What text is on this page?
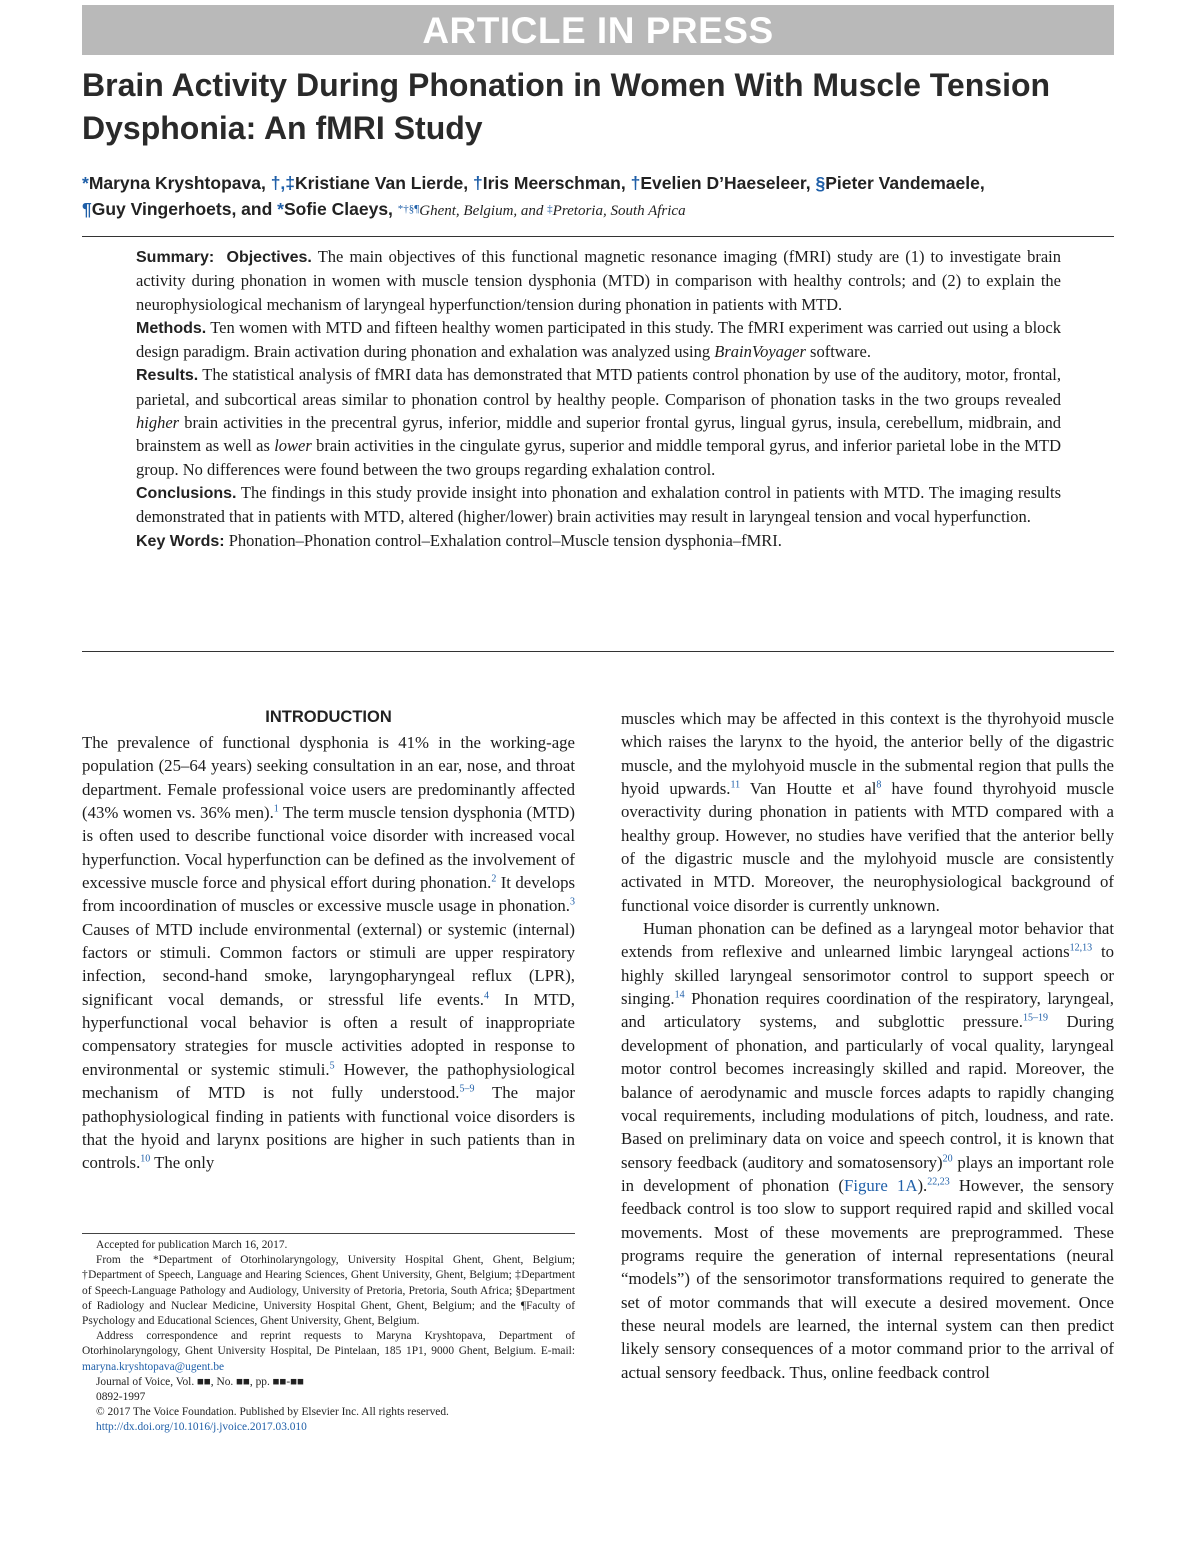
ARTICLE IN PRESS
Brain Activity During Phonation in Women With Muscle Tension Dysphonia: An fMRI Study
*Maryna Kryshtopava, †,‡Kristiane Van Lierde, †Iris Meerschman, †Evelien D’Haeseleer, §Pieter Vandemaele,
¶Guy Vingerhoets, and *Sofie Claeys, *†§¶Ghent, Belgium, and ‡Pretoria, South Africa

Summary: Objectives. The main objectives of this functional magnetic resonance imaging (fMRI) study are (1) to investigate brain activity during phonation in women with muscle tension dysphonia (MTD) in comparison with healthy controls; and (2) to explain the neurophysiological mechanism of laryngeal hyperfunction/tension during phonation in patients with MTD.

Methods. Ten women with MTD and fifteen healthy women participated in this study. The fMRI experiment was carried out using a block design paradigm. Brain activation during phonation and exhalation was analyzed using BrainVoyager software.

Results. The statistical analysis of fMRI data has demonstrated that MTD patients control phonation by use of the auditory, motor, frontal, parietal, and subcortical areas similar to phonation control by healthy people. Comparison of phonation tasks in the two groups revealed higher brain activities in the precentral gyrus, inferior, middle and superior frontal gyrus, lingual gyrus, insula, cerebellum, midbrain, and brainstem as well as lower brain activities in the cingulate gyrus, superior and middle temporal gyrus, and inferior parietal lobe in the MTD group. No differences were found between the two groups regarding exhalation control.

Conclusions. The findings in this study provide insight into phonation and exhalation control in patients with MTD. The imaging results demonstrated that in patients with MTD, altered (higher/lower) brain activities may result in laryngeal tension and vocal hyperfunction.

Key Words: Phonation–Phonation control–Exhalation control–Muscle tension dysphonia–fMRI.

INTRODUCTION

The prevalence of functional dysphonia is 41% in the working-age population (25–64 years) seeking consultation in an ear, nose, and throat department. Female professional voice users are predominantly affected (43% women vs. 36% men).$^1$ The term muscle tension dysphonia (MTD) is often used to describe functional voice disorder with increased vocal hyperfunction. Vocal hyperfunction can be defined as the involvement of excessive muscle force and physical effort during phonation.$^2$ It develops from incoordination of muscles or excessive muscle usage in phonation.$^3$ Causes of MTD include environmental (external) or systemic (internal) factors or stimuli. Common factors or stimuli are upper respiratory infection, second-hand smoke, laryngopharyngeal reflux (LPR), significant vocal demands, or stressful life events.$^4$ In MTD, hyperfunctional vocal behavior is often a result of inappropriate compensatory strategies for muscle activities adopted in response to environmental or systemic stimuli.$^5$ However, the pathophysiological mechanism of MTD is not fully understood.$^{5-9}$ The major pathophysiological finding in patients with functional voice disorders is that the hyoid and larynx positions are higher in such patients than in controls.$^{10}$ The only

Accepted for publication March 16, 2017.

From the *Department of Otorhinolaryngology, University Hospital Ghent, Ghent, Belgium; †Department of Speech, Language and Hearing Sciences, Ghent University, Ghent, Belgium; ‡Department of Speech-Language Pathology and Audiology, University of Pretoria, Pretoria, South Africa; §Department of Radiology and Nuclear Medicine, University Hospital Ghent, Ghent, Belgium; and the ¶Faculty of Psychology and Educational Sciences, Ghent University, Ghent, Belgium.

Address correspondence and reprint requests to Maryna Kryshtopava, Department of Otorhinolaryngology, Ghent University Hospital, De Pintelaan, 185 1P1, 9000 Ghent, Belgium. E-mail: maryna.kryshtopava@ugent.be

Journal of Voice, Vol. ■■, No. ■■, pp. ■■-■■

0892-1997

© 2017 The Voice Foundation. Published by Elsevier Inc. All rights reserved.

http://dx.doi.org/10.1016/j.jvoice.2017.03.010

muscles which may be affected in this context is the thyrohyoid muscle which raises the larynx to the hyoid, the anterior belly of the digastric muscle, and the mylohyoid muscle in the submental region that pulls the hyoid upwards.$^{11}$ Van Houtte et $al^8$ have found thyrohyoid muscle overactivity during phonation in patients with MTD compared with a healthy group. However, no studies have verified that the anterior belly of the digastric muscle and the mylohyoid muscle are consistently activated in MTD. Moreover, the neurophysiological background of functional voice disorder is currently unknown.

Human phonation can be defined as a laryngeal motor behavior that extends from reflexive and unlearned limbic laryngeal actions$^{12,13}$ to highly skilled laryngeal sensorimotor control to support speech or singing.$^{14}$ Phonation requires coordination of the respiratory, laryngeal, and articulatory systems, and subglottic pressure.$^{15-19}$ During development of phonation, and particularly of vocal quality, laryngeal motor control becomes increasingly skilled and rapid. Moreover, the balance of aerodynamic and muscle forces adapts to rapidly changing vocal requirements, including modulations of pitch, loudness, and rate. Based on preliminary data on voice and speech control, it is known that sensory feedback (auditory and somatosensory)$^{20}$ plays an important role in development of phonation (Figure 1A).$^{22,23}$ However, the sensory feedback control is too slow to support required rapid and skilled vocal movements. Most of these movements are preprogrammed. These programs require the generation of internal representations (neural “models”) of the sensorimotor transformations required to generate the set of motor commands that will execute a desired movement. Once these neural models are learned, the internal system can then predict likely sensory consequences of a motor command prior to the arrival of actual sensory feedback. Thus, online feedback control
